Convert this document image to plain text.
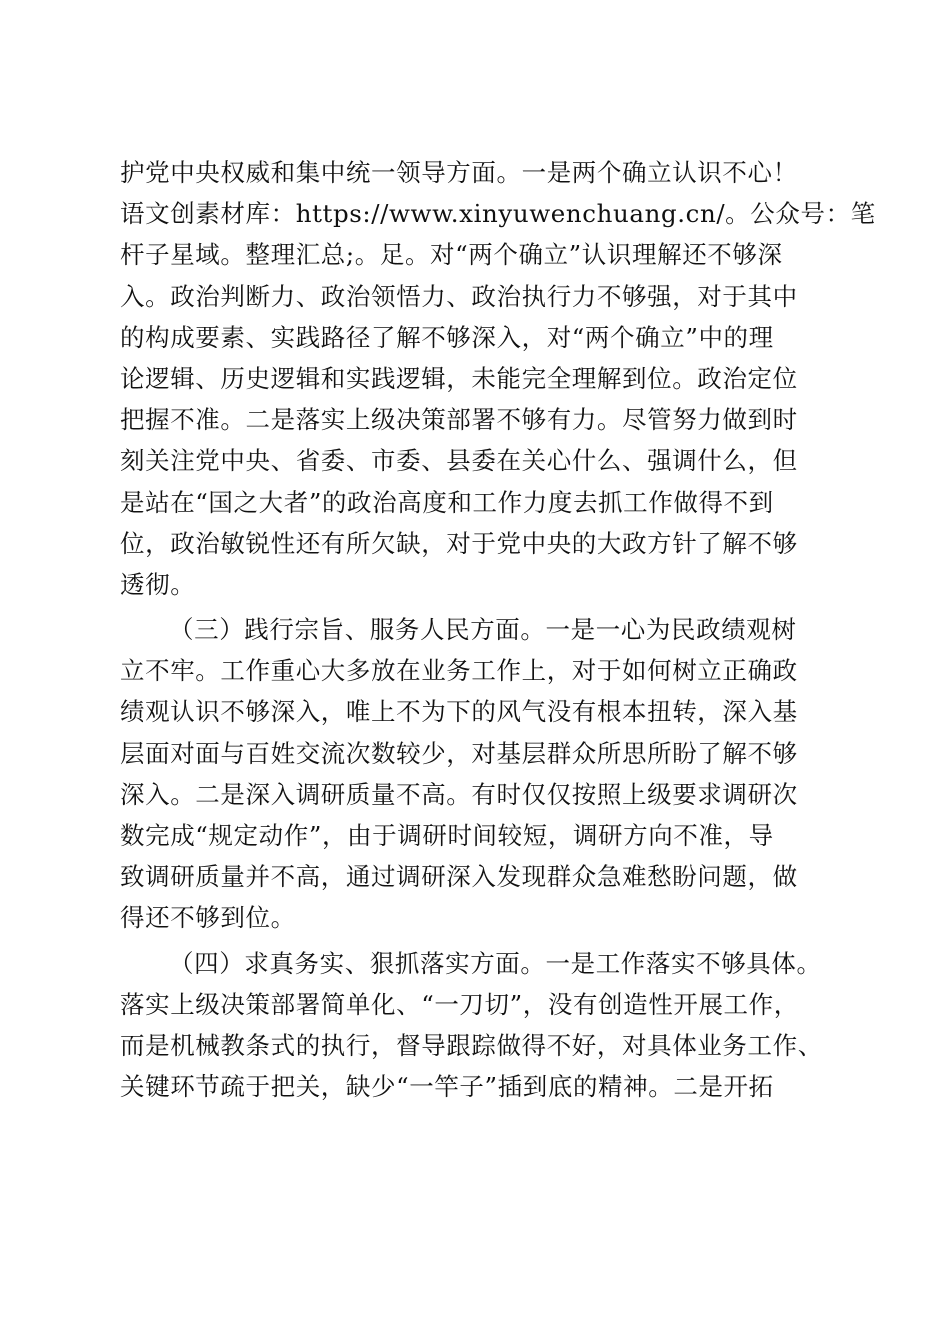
护党中央权威和集中统一领导方面。一是两个确立认识不心！
语文创素材库：https://www.xinyuwenchuang.cn/。公众号：笔
杆子星域。整理汇总;。足。对“两个确立”认识理解还不够深
入。政治判断力、政治领悟力、政治执行力不够强，对于其中
的构成要素、实践路径了解不够深入，对“两个确立”中的理
论逻辑、历史逻辑和实践逻辑，未能完全理解到位。政治定位
把握不准。二是落实上级决策部署不够有力。尽管努力做到时
刻关注党中央、省委、市委、县委在关心什么、强调什么，但
是站在“国之大者”的政治高度和工作力度去抓工作做得不到
位，政治敏锐性还有所欠缺，对于党中央的大政方针了解不够
透彻。
（三）践行宗旨、服务人民方面。一是一心为民政绩观树
立不牢。工作重心大多放在业务工作上，对于如何树立正确政
绩观认识不够深入，唯上不为下的风气没有根本扭转，深入基
层面对面与百姓交流次数较少，对基层群众所思所盼了解不够
深入。二是深入调研质量不高。有时仅仅按照上级要求调研次
数完成“规定动作”，由于调研时间较短，调研方向不准，导
致调研质量并不高，通过调研深入发现群众急难愁盼问题，做
得还不够到位。
（四）求真务实、狠抓落实方面。一是工作落实不够具体。
落实上级决策部署简单化、“一刀切”，没有创造性开展工作，
而是机械教条式的执行，督导跟踪做得不好，对具体业务工作、
关键环节疏于把关，缺少“一竿子”插到底的精神。二是开拓
